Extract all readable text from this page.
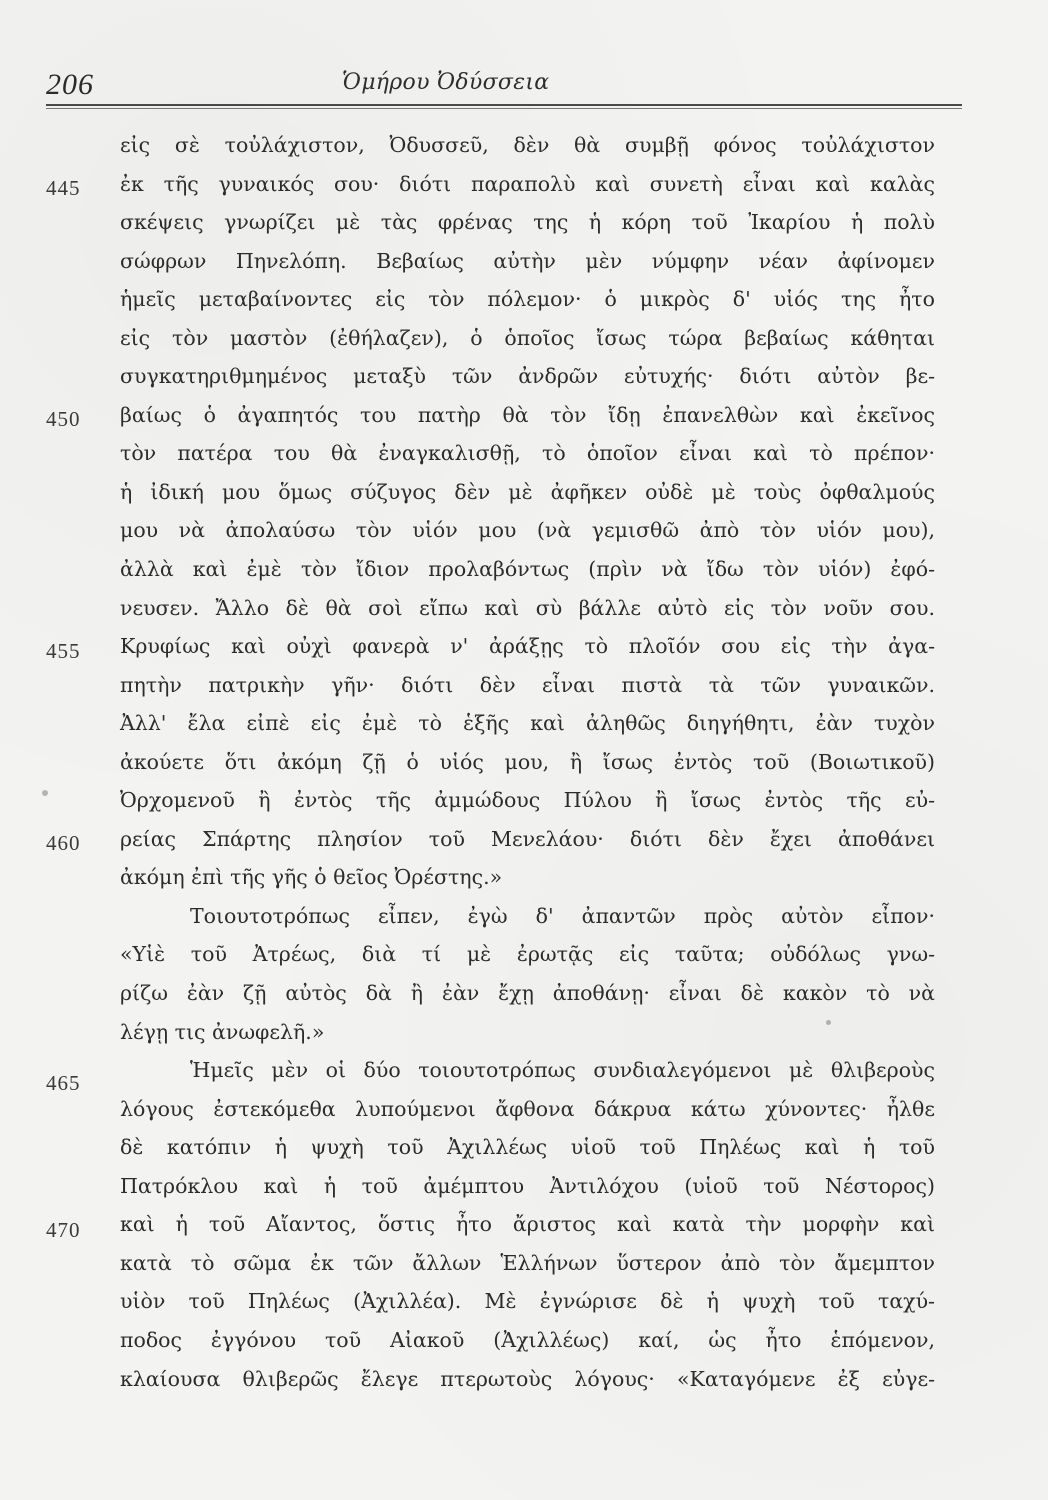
206	Ὁμήρου Ὀδύσσεια
445
450
455
460
465
470
εἰς σὲ τοὐλάχιστον, Ὀδυσσεῦ, δὲν θὰ συμβῇ φόνος τοὐλάχιστον
ἐκ τῆς γυναικός σου· διότι παραπολὺ καὶ συνετὴ εἶναι καὶ καλὰς
σκέψεις γνωρίζει μὲ τὰς φρένας της ἡ κόρη τοῦ Ἰκαρίου ἡ πολὺ
σώφρων Πηνελόπη. Βεβαίως αὐτὴν μὲν νύμφην νέαν ἀφίνομεν
ἡμεῖς μεταβαίνοντες εἰς τὸν πόλεμον· ὁ μικρὸς δ' υἱός της ἦτο
εἰς τὸν μαστὸν (ἐθήλαζεν), ὁ ὁποῖος ἴσως τώρα βεβαίως κάθηται
συγκατηριθμημένος μεταξὺ τῶν ἀνδρῶν εὐτυχής· διότι αὐτὸν βε-
βαίως ὁ ἀγαπητός του πατὴρ θὰ τὸν ἴδῃ ἐπανελθὼν καὶ ἐκεῖνος
τὸν πατέρα του θὰ ἐναγκαλισθῇ, τὸ ὁποῖον εἶναι καὶ τὸ πρέπον·
ἡ ἰδική μου ὅμως σύζυγος δὲν μὲ ἀφῆκεν οὐδὲ μὲ τοὺς ὀφθαλμούς
μου νὰ ἀπολαύσω τὸν υἱόν μου (νὰ γεμισθῶ ἀπὸ τὸν υἱόν μου),
ἀλλὰ καὶ ἐμὲ τὸν ἴδιον προλαβόντως (πρὶν νὰ ἴδω τὸν υἱόν) ἐφό-
νευσεν. Ἄλλο δὲ θὰ σοὶ εἴπω καὶ σὺ βάλλε αὐτὸ εἰς τὸν νοῦν σου.
Κρυφίως καὶ οὐχὶ φανερὰ ν' ἀράξῃς τὸ πλοῖόν σου εἰς τὴν ἀγα-
πητὴν πατρικὴν γῆν· διότι δὲν εἶναι πιστὰ τὰ τῶν γυναικῶν.
Ἀλλ' ἔλα εἰπὲ εἰς ἐμὲ τὸ ἑξῆς καὶ ἀληθῶς διηγήθητι, ἐὰν τυχὸν
ἀκούετε ὅτι ἀκόμη ζῇ ὁ υἱός μου, ἢ ἴσως ἐντὸς τοῦ (Βοιωτικοῦ)
Ὀρχομενοῦ ἢ ἐντὸς τῆς ἀμμώδους Πύλου ἢ ἴσως ἐντὸς τῆς εὐ-
ρείας Σπάρτης πλησίον τοῦ Μενελάου· διότι δὲν ἔχει ἀποθάνει
ἀκόμη ἐπὶ τῆς γῆς ὁ θεῖος Ὀρέστης.»
Τοιουτοτρόπως εἶπεν, ἐγὼ δ' ἀπαντῶν πρὸς αὐτὸν εἶπον·
«Υἱὲ τοῦ Ἀτρέως, διὰ τί μὲ ἐρωτᾷς εἰς ταῦτα; οὐδόλως γνω-
ρίζω ἐὰν ζῇ αὐτὸς δὰ ἢ ἐὰν ἔχῃ ἀποθάνῃ· εἶναι δὲ κακὸν τὸ νὰ
λέγῃ τις ἀνωφελῆ.»
Ἡμεῖς μὲν οἱ δύο τοιουτοτρόπως συνδιαλεγόμενοι μὲ θλιβεροὺς
λόγους ἐστεκόμεθα λυπούμενοι ἄφθονα δάκρυα κάτω χύνοντες· ἦλθε
δὲ κατόπιν ἡ ψυχὴ τοῦ Ἀχιλλέως υἱοῦ τοῦ Πηλέως καὶ ἡ τοῦ
Πατρόκλου καὶ ἡ τοῦ ἀμέμπτου Ἀντιλόχου (υἱοῦ τοῦ Νέστορος)
καὶ ἡ τοῦ Αἴαντος, ὅστις ἦτο ἄριστος καὶ κατὰ τὴν μορφὴν καὶ
κατὰ τὸ σῶμα ἐκ τῶν ἄλλων Ἑλλήνων ὕστερον ἀπὸ τὸν ἄμεμπτον
υἱὸν τοῦ Πηλέως (Ἀχιλλέα). Μὲ ἐγνώρισε δὲ ἡ ψυχὴ τοῦ ταχύ-
ποδος ἐγγόνου τοῦ Αἰακοῦ (Ἀχιλλέως) καί, ὡς ἦτο ἑπόμενον,
κλαίουσα θλιβερῶς ἔλεγε πτερωτοὺς λόγους· «Καταγόμενε ἐξ εὐγε-
